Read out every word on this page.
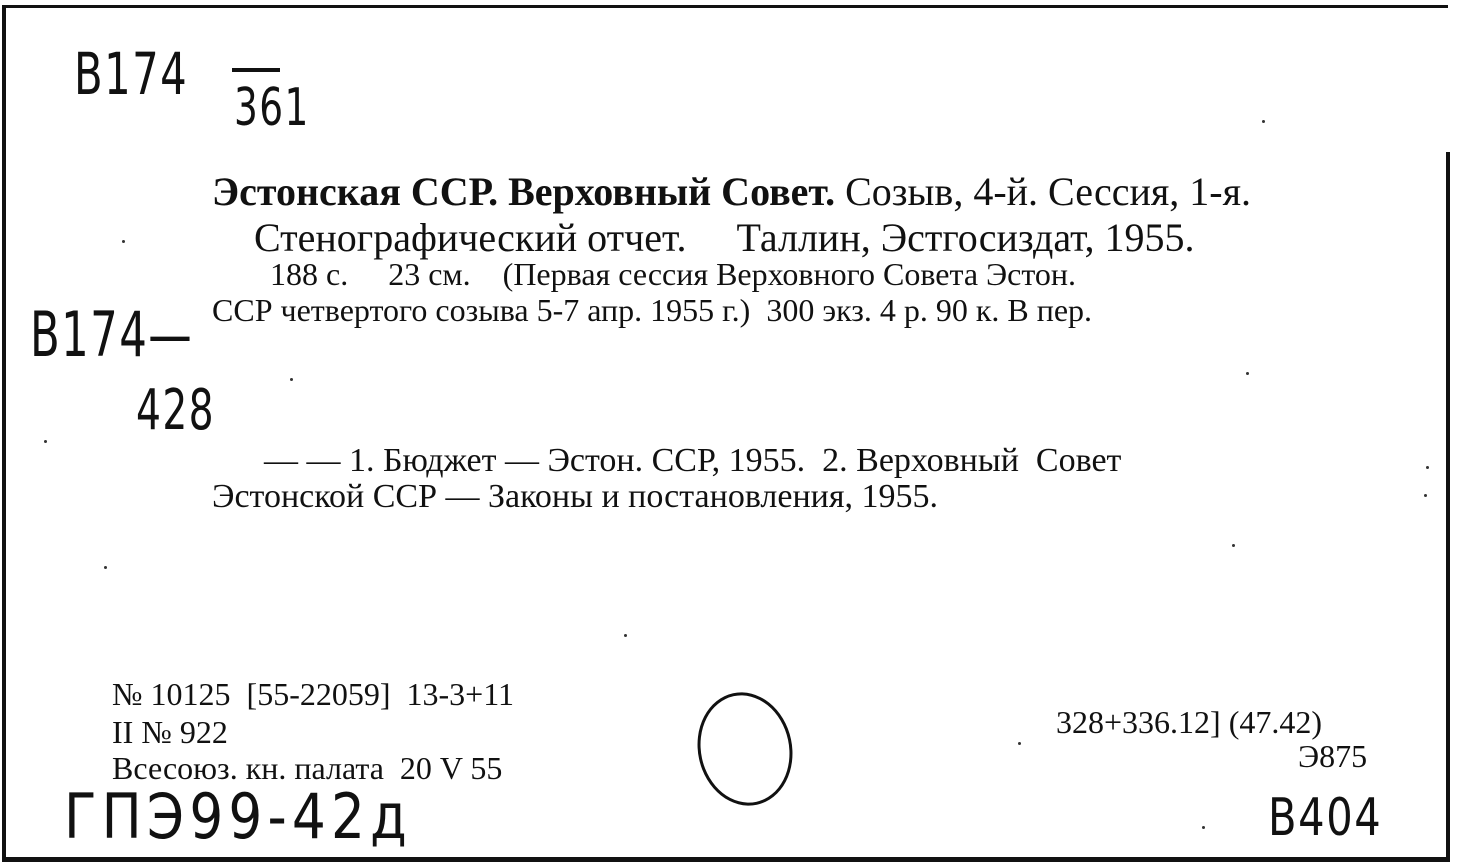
B174 361
B174—
428
ГПЭ99-42д	B404
Эстонская ССР. Верховный Совет. Созыв, 4-й. Сессия, 1-я.
Стенографический отчет.     Таллин, Эстгосиздат, 1955.
188 с.     23 см.    (Первая сессия Верховного Совета Эстон.
ССР четвертого созыва 5-7 апр. 1955 г.)  300 экз. 4 р. 90 к. В пер.
— — 1. Бюджет — Эстон. ССР, 1955.  2. Верховный  Совет
Эстонской ССР — Законы и постановления, 1955.
№ 10125  [55-22059]  13-3+11
II № 922
Всесоюз. кн. палата  20 V 55
328+336.12] (47.42)
Э875
